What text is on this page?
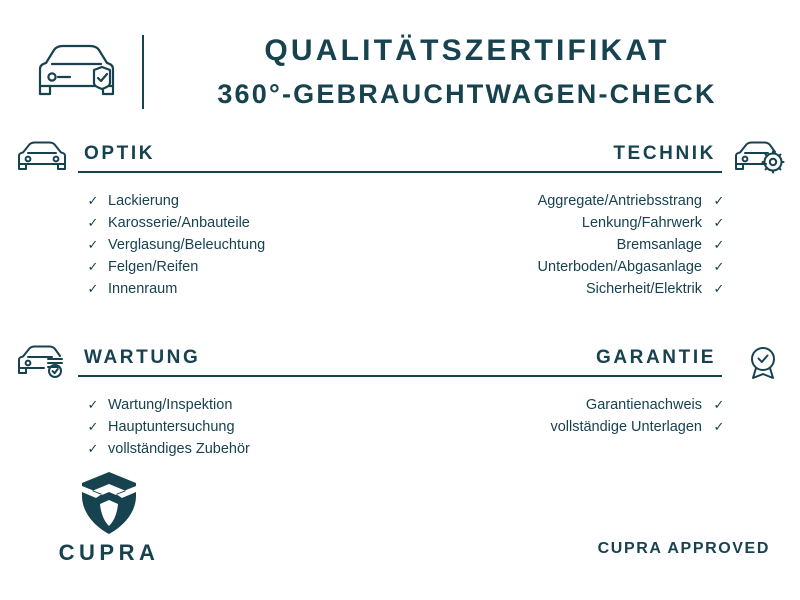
QUALITÄTSZERTIFIKAT
360°-GEBRAUCHTWAGEN-CHECK
OPTIK	TECHNIK
✓ Lackierung
✓ Karosserie/Anbauteile
✓ Verglasung/Beleuchtung
✓ Felgen/Reifen
✓ Innenraum
Aggregate/Antriebsstrang ✓
Lenkung/Fahrwerk ✓
Bremsanlage ✓
Unterboden/Abgasanlage ✓
Sicherheit/Elektrik ✓
WARTUNG	GARANTIE
✓ Wartung/Inspektion
✓ Hauptuntersuchung
✓ vollständiges Zubehör
Garantienachweis ✓
vollständige Unterlagen ✓
CUPRA	CUPRA APPROVED
